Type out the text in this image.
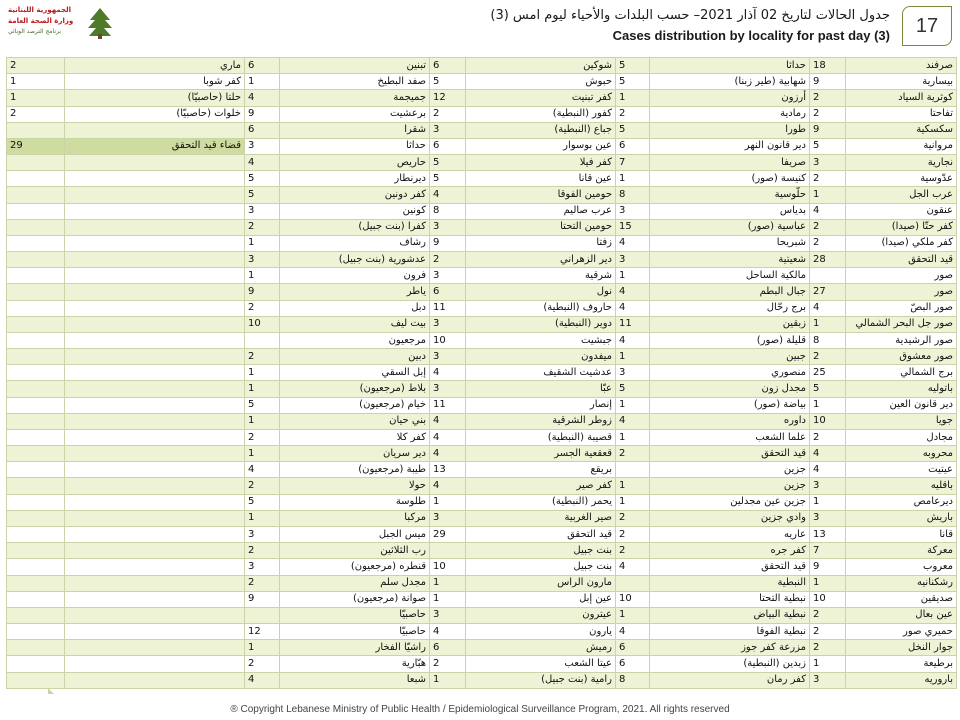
الجمهورية اللبنانية
وزارة الصحة العامة
برنامج الترصد الوبائي
جدول الحالات لتاريخ 02 آذار 2021– حسب البلدات والأحياء ليوم امس (3)
Cases distribution by locality for past day (3)	17
2	ماري	6	تبنين	6	شوكين	5	حداثا	18	صرفند
1	كفر شوبا	1	صفد البطيخ	5	حبوش	5	شهابية (طير زبنا)	9	بيسارية
1	حلتا (حاصبيّا)	4	جميجمة	12	كفر تبنيت	1	أرزون	2	كوثرية السياد
2	خلوات (حاصبيّا)	9	برعشيت	2	كفور (النبطية)	2	رمادية	2	تفاحتا
		6	شقرا	3	جباع (النبطية)	5	طورا	9	سكسكية
29	قضاء قيد التحقق	3	حداثا	6	عين بوسوار	6	دير قانون النهر	5	مروانية
		4	حاريص	5	كفر فيلا	7	صريفا	3	نجارية
		5	ديرنطار	5	عين قانا	1	كنيسة (صور)	2	عدّوسية
		5	كفر دونين	4	حومين الفوقا	8	حلّوسية	1	عرب الجل
		3	كونين	8	عرب صاليم	3	بدياس	4	عنقون
		2	كفرا (بنت جبيل)	3	حومين التحتا	15	عباسية (صور)	2	كفر حتّا (صيدا)
		1	رشاف	9	زفتا	4	شبريحا	2	كفر ملكي (صيدا)
		3	عدشورية (بنت جبيل)	2	دير الزهراني	3	شعيتية	28	قيد التحقق
		1	فرون	3	شرقية	1	مالكية الساحل		صور
		9	ياطر	6	نول	4	جبال البطم	27	صور
		2	دبل	11	حاروف (النبطية)	4	برج رحّال	4	صور البصّ
		10	بيت ليف	3	دوير (النبطية)	11	زبقين	1	صور جل البحر الشمالي
			مرجعيون	10	جبشيت	4	قليلة (صور)	8	صور الرشيدية
		2	دبين	3	ميفدون	1	جبين	2	صور معشوق
		1	إبل السقي	4	عدشيت الشقيف	3	منصوري	25	برج الشمالي
		1	بلاط (مرجعيون)	3	عبّا	5	مجدل زون	5	باتوليه
		5	خيام (مرجعيون)	11	إنصار	1	بياضة (صور)	1	دير قانون العين
		1	بني حيان	4	زوطر الشرقية	4	داوره	10	جويا
		2	كفر كلا	4	قصيبة (النبطية)	1	علما الشعب	2	مجادل
		1	دير سريان	4	قعقعية الجسر	2	قيد التحقق	4	محروبه
		4	طيبة (مرجعيون)	13	بريقع		جزين	4	عيتيت
		2	حولا	4	كفر صير	1	جزين	3	باقليه
		5	طلوسة	1	يحمر (النبطية)	1	جزين عين مجدلين	1	ديرعامص
		1	مركبا	3	صير الغربية	2	وادي جزين	3	باريش
		3	ميس الجبل	29	قيد التحقق	2	عاريه	13	قانا
		2	رب الثلاثين		بنت جبيل	2	كفر جره	7	معركة
		3	قنطره (مرجعيون)	10	بنت جبيل	4	قيد التحقق	9	معروب
		2	مجدل سلم	1	مارون الراس		النبطية	1	رشكنانيه
		9	صوانة (مرجعيون)	1	عين إبل	10	نبطية التحتا	10	صديقين
			حاصبيّا	3	عيترون	1	نبطية البياض	2	عين بعال
		12	حاصبيّا	4	يارون	4	نبطية الفوقا	2	حميري صور
		1	راشيّا الفخار	6	رميش	6	مزرعة كفر جوز	2	جوار النخل
		2	هبّارية	2	عيتا الشعب	6	زبدين (النبطية)	1	برطيعة
		4	شبعا	1	رامية (بنت جبيل)	8	كفر رمان	3	باروريه
® Copyright Lebanese Ministry of Public Health / Epidemiological Surveillance Program, 2021. All rights reserved
